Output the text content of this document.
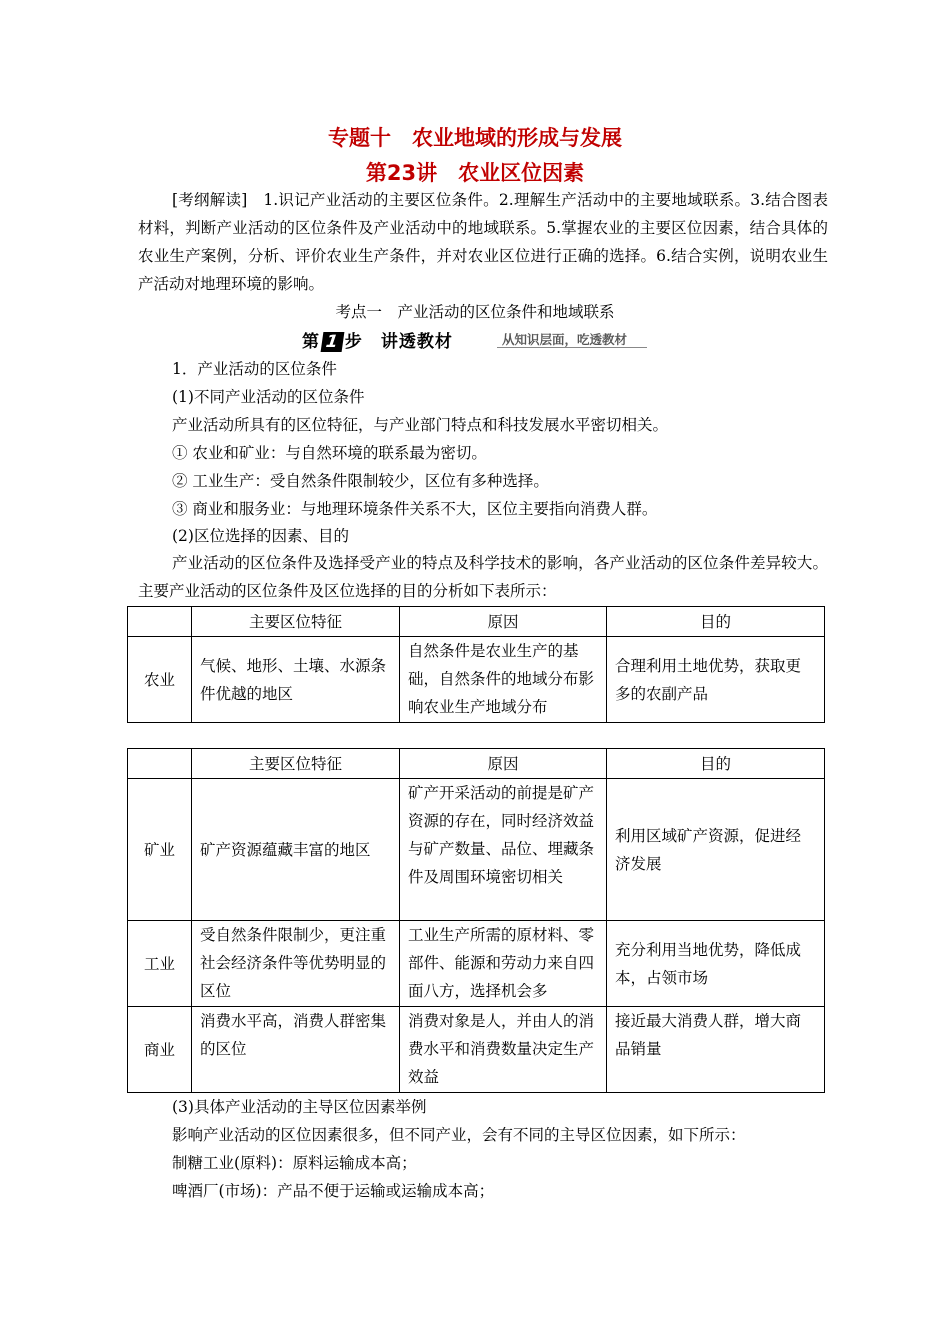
专题十　农业地域的形成与发展
第23讲　农业区位因素
[考纲解读]　1.识记产业活动的主要区位条件。2.理解生产活动中的主要地域联系。3.结合图表材料，判断产业活动的区位条件及产业活动中的地域联系。5.掌握农业的主要区位因素，结合具体的农业生产案例，分析、评价农业生产条件，并对农业区位进行正确的选择。6.结合实例，说明农业生产活动对地理环境的影响。
考点一　产业活动的区位条件和地域联系
第 1 步　讲透教材	从知识层面，吃透教材
1．产业活动的区位条件
(1)不同产业活动的区位条件
产业活动所具有的区位特征，与产业部门特点和科技发展水平密切相关。
① 农业和矿业：与自然环境的联系最为密切。
② 工业生产：受自然条件限制较少，区位有多种选择。
③ 商业和服务业：与地理环境条件关系不大，区位主要指向消费人群。
(2)区位选择的因素、目的
产业活动的区位条件及选择受产业的特点及科学技术的影响，各产业活动的区位条件差异较大。主要产业活动的区位条件及区位选择的目的分析如下表所示：
	主要区位特征	原因	目的
农业	气候、地形、土壤、水源条件优越的地区	自然条件是农业生产的基础，自然条件的地域分布影响农业生产地域分布	合理利用土地优势，获取更多的农副产品
	主要区位特征	原因	目的
矿业	矿产资源蕴藏丰富的地区	矿产开采活动的前提是矿产资源的存在，同时经济效益与矿产数量、品位、埋藏条件及周围环境密切相关	利用区域矿产资源，促进经济发展
工业	受自然条件限制少，更注重社会经济条件等优势明显的区位	工业生产所需的原材料、零部件、能源和劳动力来自四面八方，选择机会多	充分利用当地优势，降低成本，占领市场
商业	消费水平高，消费人群密集的区位	消费对象是人，并由人的消费水平和消费数量决定生产效益	接近最大消费人群，增大商品销量
(3)具体产业活动的主导区位因素举例
影响产业活动的区位因素很多，但不同产业，会有不同的主导区位因素，如下所示：
制糖工业(原料)：原料运输成本高；
啤酒厂(市场)：产品不便于运输或运输成本高；
